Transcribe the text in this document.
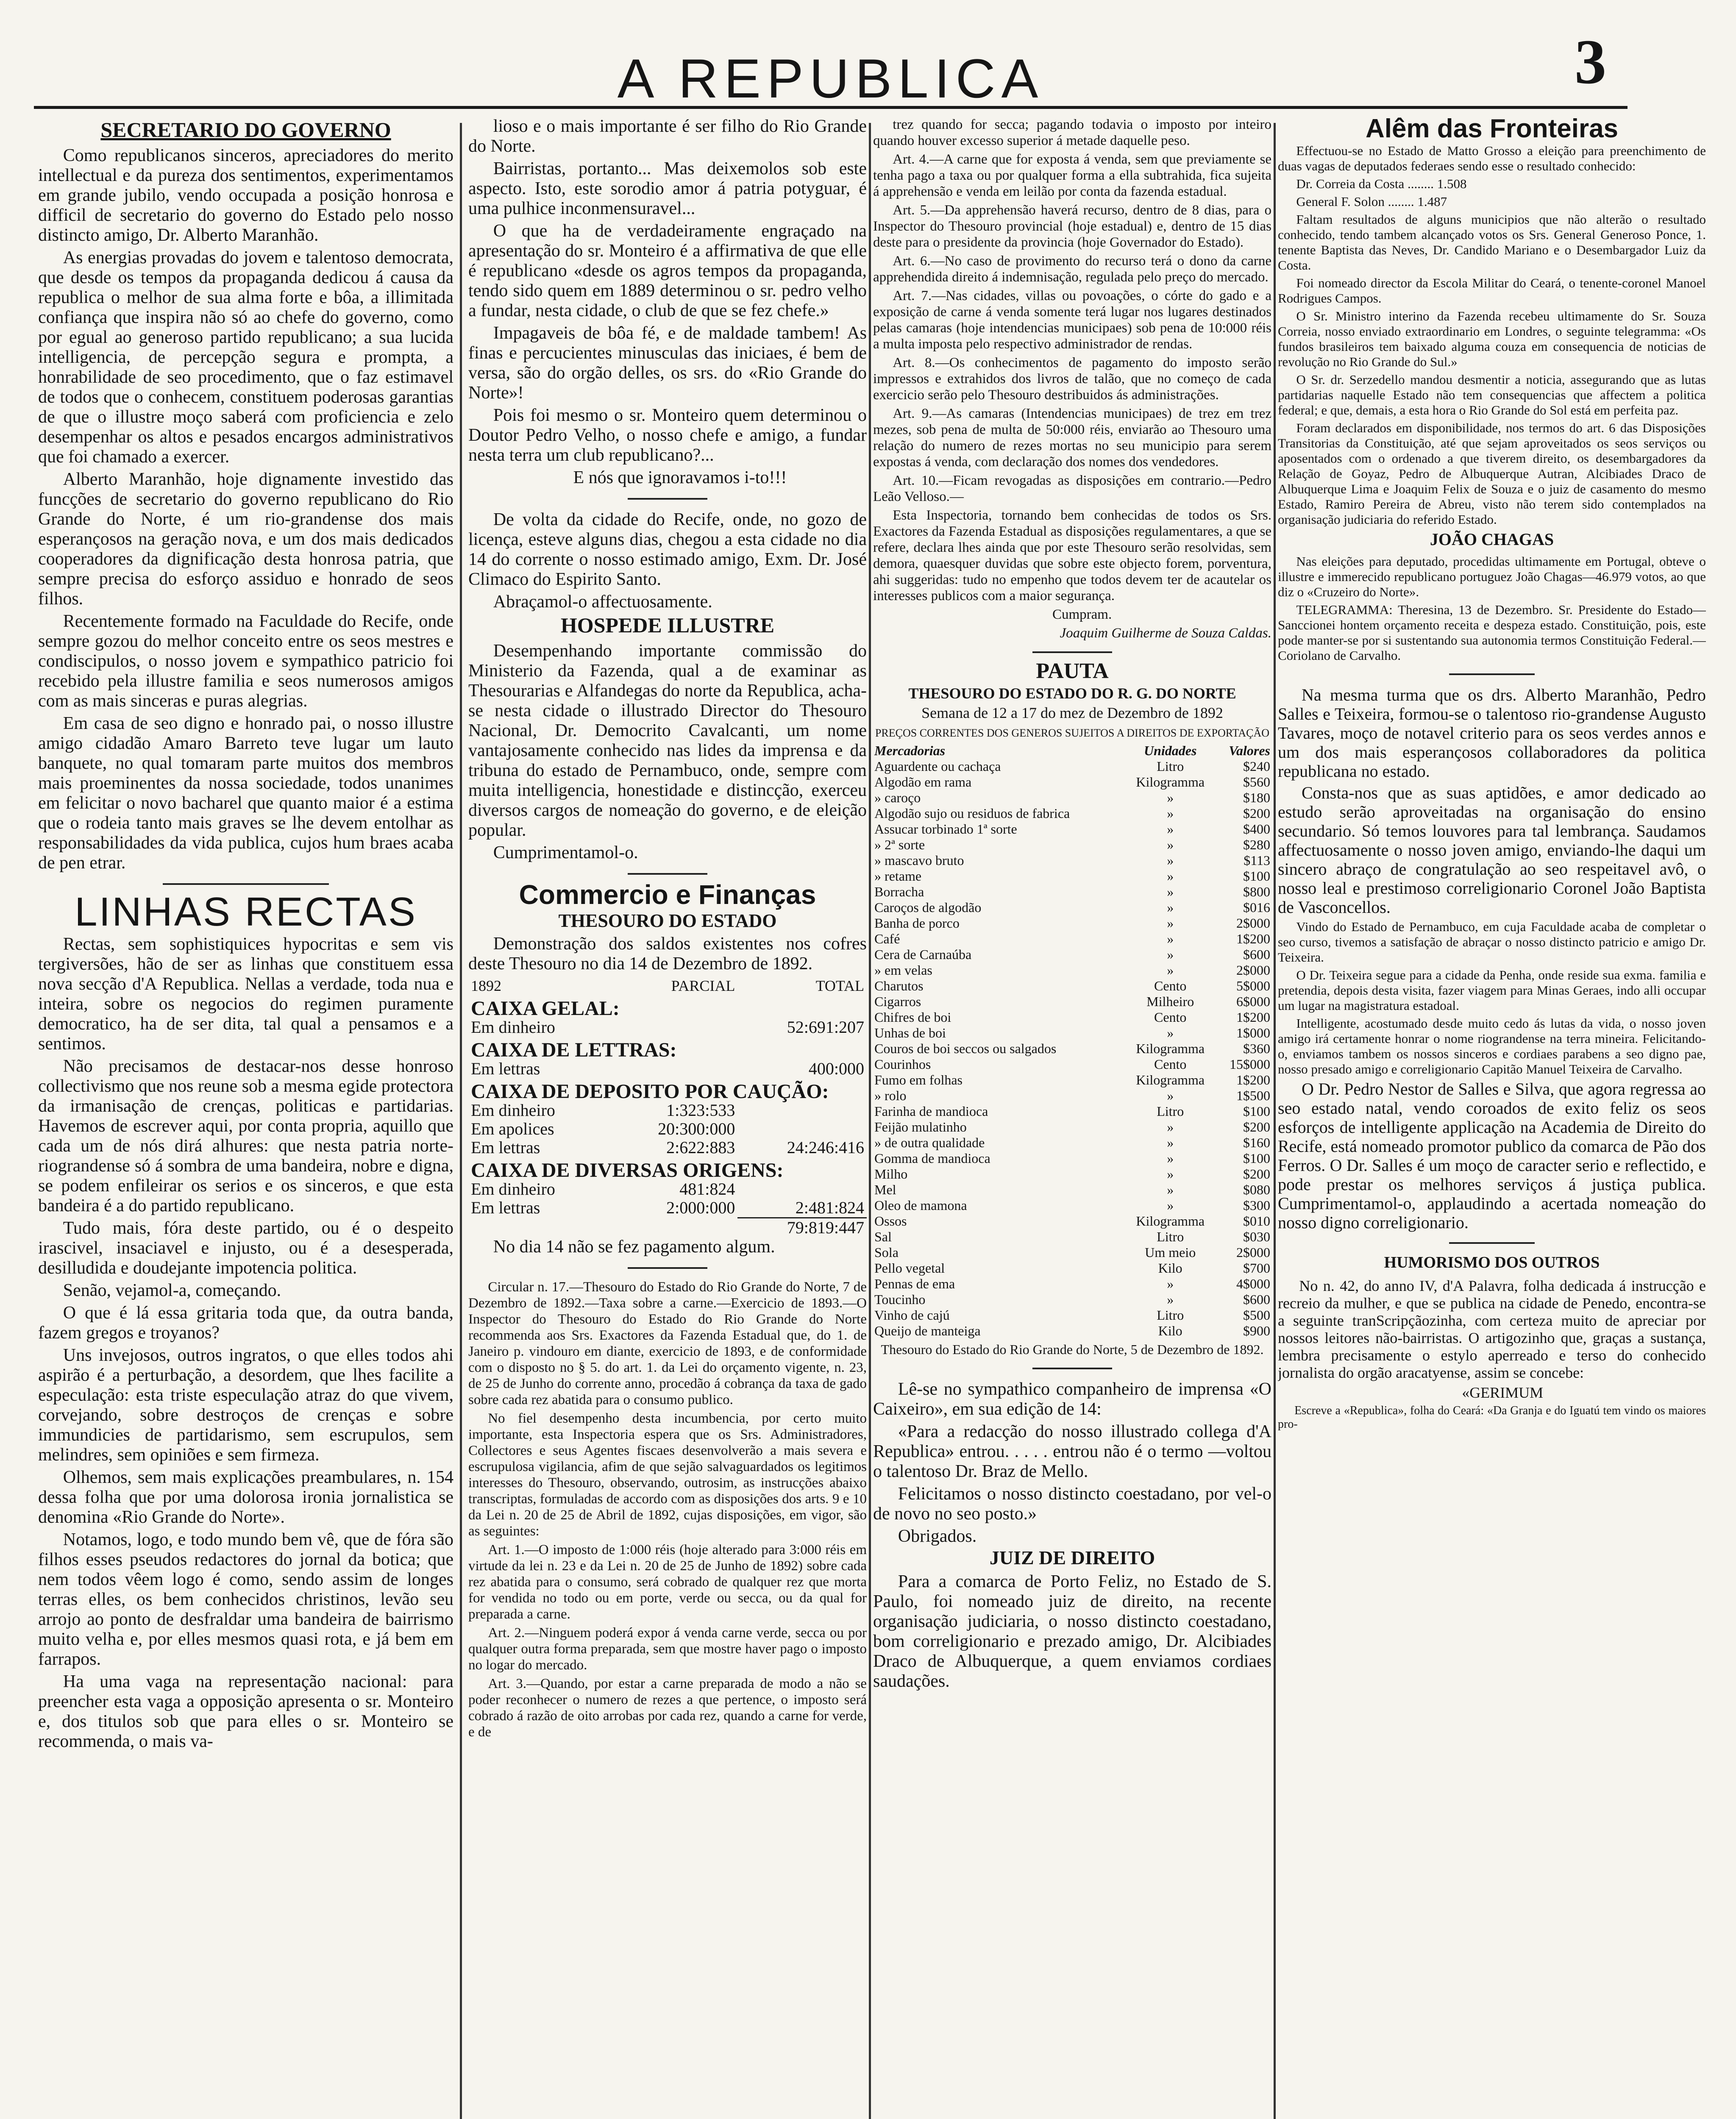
A REPUBLICA	3
SECRETARIO DO GOVERNO

Como republicanos sinceros, apreciadores do merito intellectual e da pureza dos sentimentos, experimentamos em grande jubilo, vendo occupada a posição honrosa e difficil de secretario do governo do Estado pelo nosso distincto amigo, Dr. Alberto Maranhão.

As energias provadas do jovem e talentoso democrata, que desde os tempos da propaganda dedicou á causa da republica o melhor de sua alma forte e bôa, a illimitada confiança que inspira não só ao chefe do governo, como por egual ao generoso partido republicano; a sua lucida intelligencia, de percepção segura e prompta, a honrabilidade de seo procedimento, que o faz estimavel de todos que o conhecem, constituem poderosas garantias de que o illustre moço saberá com proficiencia e zelo desempenhar os altos e pesados encargos administrativos que foi chamado a exercer.

Alberto Maranhão, hoje dignamente investido das funcções de secretario do governo republicano do Rio Grande do Norte, é um rio-grandense dos mais esperançosos na geração nova, e um dos mais dedicados cooperadores da dignificação desta honrosa patria, que sempre precisa do esforço assiduo e honrado de seos filhos.

Recentemente formado na Faculdade do Recife, onde sempre gozou do melhor conceito entre os seos mestres e condiscipulos, o nosso jovem e sympathico patricio foi recebido pela illustre familia e seos numerosos amigos com as mais sinceras e puras alegrias.

Em casa de seo digno e honrado pai, o nosso illustre amigo cidadão Amaro Barreto teve lugar um lauto banquete, no qual tomaram parte muitos dos membros mais proeminentes da nossa sociedade, todos unanimes em felicitar o novo bacharel que quanto maior é a estima que o rodeia tanto mais graves se lhe devem entolhar as responsabilidades da vida publica, cujos hum braes acaba de pen etrar.

LINHAS RECTAS

Rectas, sem sophistiquices hypocritas e sem vis tergiversões, hão de ser as linhas que constituem essa nova secção d'A Republica. Nellas a verdade, toda nua e inteira, sobre os negocios do regimen puramente democratico, ha de ser dita, tal qual a pensamos e a sentimos.

Não precisamos de destacar-nos desse honroso collectivismo que nos reune sob a mesma egide protectora da irmanisação de crenças, politicas e partidarias. Havemos de escrever aqui, por conta propria, aquillo que cada um de nós dirá alhures: que nesta patria norte-riograndense só á sombra de uma bandeira, nobre e digna, se podem enfileirar os serios e os sinceros, e que esta bandeira é a do partido republicano.

Tudo mais, fóra deste partido, ou é o despeito irascivel, insaciavel e injusto, ou é a desesperada, desilludida e doudejante impotencia politica.

Senão, vejamol-a, começando.

O que é lá essa gritaria toda que, da outra banda, fazem gregos e troyanos?

Uns invejosos, outros ingratos, o que elles todos ahi aspirão é a perturbação, a desordem, que lhes facilite a especulação: esta triste especulação atraz do que vivem, corvejando, sobre destroços de crenças e sobre immundicies de partidarismo, sem escrupulos, sem melindres, sem opiniões e sem firmeza.

Olhemos, sem mais explicações preambulares, n. 154 dessa folha que por uma dolorosa ironia jornalistica se denomina «Rio Grande do Norte».

Notamos, logo, e todo mundo bem vê, que de fóra são filhos esses pseudos redactores do jornal da botica; que nem todos vêem logo é como, sendo assim de longes terras elles, os bem conhecidos christinos, levão seu arrojo ao ponto de desfraldar uma bandeira de bairrismo muito velha e, por elles mesmos quasi rota, e já bem em farrapos.

Ha uma vaga na representação nacional: para preencher esta vaga a opposição apresenta o sr. Monteiro e, dos titulos sob que para elles o sr. Monteiro se recommenda, o mais va-

lioso e o mais importante é ser filho do Rio Grande do Norte.

Bairristas, portanto... Mas deixemolos sob este aspecto. Isto, este sorodio amor á patria potyguar, é uma pulhice inconmensuravel...

O que ha de verdadeiramente engraçado na apresentação do sr. Monteiro é a affirmativa de que elle é republicano «desde os agros tempos da propaganda, tendo sido quem em 1889 determinou o sr. pedro velho a fundar, nesta cidade, o club de que se fez chefe.»

Impagaveis de bôa fé, e de maldade tambem! As finas e percucientes minusculas das iniciaes, é bem de versa, são do orgão delles, os srs. do «Rio Grande do Norte»!

Pois foi mesmo o sr. Monteiro quem determinou o Doutor Pedro Velho, o nosso chefe e amigo, a fundar nesta terra um club republicano?...

E nós que ignoravamos i-to!!!

De volta da cidade do Recife, onde, no gozo de licença, esteve alguns dias, chegou a esta cidade no dia 14 do corrente o nosso estimado amigo, Exm. Dr. José Climaco do Espirito Santo.

Abraçamol-o affectuosamente.

HOSPEDE ILLUSTRE

Desempenhando importante commissão do Ministerio da Fazenda, qual a de examinar as Thesourarias e Alfandegas do norte da Republica, acha-se nesta cidade o illustrado Director do Thesouro Nacional, Dr. Democrito Cavalcanti, um nome vantajosamente conhecido nas lides da imprensa e da tribuna do estado de Pernambuco, onde, sempre com muita intelligencia, honestidade e distincção, exerceu diversos cargos de nomeação do governo, e de eleição popular.

Cumprimentamol-o.

Commercio e Finanças
THESOURO DO ESTADO

Demonstração dos saldos existentes nos cofres deste Thesouro no dia 14 de Dezembro de 1892.

1892	PARCIAL	TOTAL
CAIXA GELAL:		
Em dinheiro		52:691:207
CAIXA DE LETTRAS:		
Em lettras		400:000
CAIXA DE DEPOSITO POR CAUÇÃO:		
Em dinheiro	1:323:533	
Em apolices	20:300:000	
Em lettras	2:622:883	24:246:416
CAIXA DE DIVERSAS ORIGENS:		
Em dinheiro	481:824	
Em lettras	2:000:000	2:481:824
		79:819:447

No dia 14 não se fez pagamento algum.

Circular n. 17.—Thesouro do Estado do Rio Grande do Norte, 7 de Dezembro de 1892.—Taxa sobre a carne.—Exercicio de 1893.—O Inspector do Thesouro do Estado do Rio Grande do Norte recommenda aos Srs. Exactores da Fazenda Estadual que, do 1. de Janeiro p. vindouro em diante, exercicio de 1893, e de conformidade com o disposto no § 5. do art. 1. da Lei do orçamento vigente, n. 23, de 25 de Junho do corrente anno, procedão á cobrança da taxa de gado sobre cada rez abatida para o consumo publico.

No fiel desempenho desta incumbencia, por certo muito importante, esta Inspectoria espera que os Srs. Administradores, Collectores e seus Agentes fiscaes desenvolverão a mais severa e escrupulosa vigilancia, afim de que sejão salvaguardados os legitimos interesses do Thesouro, observando, outrosim, as instrucções abaixo transcriptas, formuladas de accordo com as disposições dos arts. 9 e 10 da Lei n. 20 de 25 de Abril de 1892, cujas disposições, em vigor, são as seguintes:

Art. 1.—O imposto de 1:000 réis (hoje alterado para 3:000 réis em virtude da lei n. 23 e da Lei n. 20 de 25 de Junho de 1892) sobre cada rez abatida para o consumo, será cobrado de qualquer rez que morta for vendida no todo ou em porte, verde ou secca, ou da qual for preparada a carne.

Art. 2.—Ninguem poderá expor á venda carne verde, secca ou por qualquer outra forma preparada, sem que mostre haver pago o imposto no logar do mercado.

Art. 3.—Quando, por estar a carne preparada de modo a não se poder reconhecer o numero de rezes a que pertence, o imposto será cobrado á razão de oito arrobas por cada rez, quando a carne for verde, e de

trez quando for secca; pagando todavia o imposto por inteiro quando houver excesso superior á metade daquelle peso.

Art. 4.—A carne que for exposta á venda, sem que previamente se tenha pago a taxa ou por qualquer forma a ella subtrahida, fica sujeita á apprehensão e venda em leilão por conta da fazenda estadual.

Art. 5.—Da apprehensão haverá recurso, dentro de 8 dias, para o Inspector do Thesouro provincial (hoje estadual) e, dentro de 15 dias deste para o presidente da provincia (hoje Governador do Estado).

Art. 6.—No caso de provimento do recurso terá o dono da carne apprehendida direito á indemnisação, regulada pelo preço do mercado.

Art. 7.—Nas cidades, villas ou povoações, o córte do gado e a exposição de carne á venda somente terá lugar nos lugares destinados pelas camaras (hoje intendencias municipaes) sob pena de 10:000 réis a multa imposta pelo respectivo administrador de rendas.

Art. 8.—Os conhecimentos de pagamento do imposto serão impressos e extrahidos dos livros de talão, que no começo de cada exercicio serão pelo Thesouro destribuidos ás administrações.

Art. 9.—As camaras (Intendencias municipaes) de trez em trez mezes, sob pena de multa de 50:000 réis, enviarão ao Thesouro uma relação do numero de rezes mortas no seu municipio para serem expostas á venda, com declaração dos nomes dos vendedores.

Art. 10.—Ficam revogadas as disposições em contrario.—Pedro Leão Velloso.—

Esta Inspectoria, tornando bem conhecidas de todos os Srs. Exactores da Fazenda Estadual as disposições regulamentares, a que se refere, declara lhes ainda que por este Thesouro serão resolvidas, sem demora, quaesquer duvidas que sobre este objecto forem, porventura, ahi suggeridas: tudo no empenho que todos devem ter de acautelar os interesses publicos com a maior segurança.

Cumpram.

Joaquim Guilherme de Souza Caldas.
PAUTA
THESOURO DO ESTADO DO R. G. DO NORTE
Semana de 12 a 17 do mez de Dezembro de 1892
PREÇOS CORRENTES DOS GENEROS SUJEITOS A DIREITOS DE EXPORTAÇÃO
Mercadorias	Unidades	Valores
Aguardente ou cachaça	Litro	$240
Algodão em rama	Kilogramma	$560
» caroço	»	$180
Algodão sujo ou residuos de fabrica	»	$200
Assucar torbinado 1ª sorte	»	$400
» 2ª sorte	»	$280
» mascavo bruto	»	$113
» retame	»	$100
Borracha	»	$800
Caroços de algodão	»	$016
Banha de porco	»	2$000
Café	»	1$200
Cera de Carnaúba	»	$600
» em velas	»	2$000
Charutos	Cento	5$000
Cigarros	Milheiro	6$000
Chifres de boi	Cento	1$200
Unhas de boi	»	1$000
Couros de boi seccos ou salgados	Kilogramma	$360
Courinhos	Cento	15$000
Fumo em folhas	Kilogramma	1$200
» rolo	»	1$500
Farinha de mandioca	Litro	$100
Feijão mulatinho	»	$200
» de outra qualidade	»	$160
Gomma de mandioca	»	$100
Milho	»	$200
Mel	»	$080
Oleo de mamona	»	$300
Ossos	Kilogramma	$010
Sal	Litro	$030
Sola	Um meio	2$000
Pello vegetal	Kilo	$700
Pennas de ema	»	4$000
Toucinho	»	$600
Vinho de cajú	Litro	$500
Queijo de manteiga	Kilo	$900
Thesouro do Estado do Rio Grande do Norte, 5 de Dezembro de 1892.

Lê-se no sympathico companheiro de imprensa «O Caixeiro», em sua edição de 14:

«Para a redacção do nosso illustrado collega d'A Republica» entrou. . . . . entrou não é o termo —voltou o talentoso Dr. Braz de Mello.

Felicitamos o nosso distincto coestadano, por vel-o de novo no seo posto.»

Obrigados.

JUIZ DE DIREITO

Para a comarca de Porto Feliz, no Estado de S. Paulo, foi nomeado juiz de direito, na recente organisação judiciaria, o nosso distincto coestadano, bom correligionario e prezado amigo, Dr. Alcibiades Draco de Albuquerque, a quem enviamos cordiaes saudações.

Alêm das Fronteiras

Effectuou-se no Estado de Matto Grosso a eleição para preenchimento de duas vagas de deputados federaes sendo esse o resultado conhecido:

Dr. Correia da Costa ........ 1.508

General F. Solon ........ 1.487

Faltam resultados de alguns municipios que não alterão o resultado conhecido, tendo tambem alcançado votos os Srs. General Generoso Ponce, 1. tenente Baptista das Neves, Dr. Candido Mariano e o Desembargador Luiz da Costa.

Foi nomeado director da Escola Militar do Ceará, o tenente-coronel Manoel Rodrigues Campos.

O Sr. Ministro interino da Fazenda recebeu ultimamente do Sr. Souza Correia, nosso enviado extraordinario em Londres, o seguinte telegramma: «Os fundos brasileiros tem baixado alguma couza em consequencia de noticias de revolução no Rio Grande do Sul.»

O Sr. dr. Serzedello mandou desmentir a noticia, assegurando que as lutas partidarias naquelle Estado não tem consequencias que affectem a politica federal; e que, demais, a esta hora o Rio Grande do Sol está em perfeita paz.

Foram declarados em disponibilidade, nos termos do art. 6 das Disposições Transitorias da Constituição, até que sejam aproveitados os seos serviços ou aposentados com o ordenado a que tiverem direito, os desembargadores da Relação de Goyaz, Pedro de Albuquerque Autran, Alcibiades Draco de Albuquerque Lima e Joaquim Felix de Souza e o juiz de casamento do mesmo Estado, Ramiro Pereira de Abreu, visto não terem sido contemplados na organisação judiciaria do referido Estado.

JOÃO CHAGAS

Nas eleições para deputado, procedidas ultimamente em Portugal, obteve o illustre e immerecido republicano portuguez João Chagas—46.979 votos, ao que diz o «Cruzeiro do Norte».

TELEGRAMMA: Theresina, 13 de Dezembro. Sr. Presidente do Estado—Sanccionei hontem orçamento receita e despeza estado. Constituição, pois, este pode manter-se por si sustentando sua autonomia termos Constituição Federal.—Coriolano de Carvalho.

Na mesma turma que os drs. Alberto Maranhão, Pedro Salles e Teixeira, formou-se o talentoso rio-grandense Augusto Tavares, moço de notavel criterio para os seos verdes annos e um dos mais esperançosos collaboradores da politica republicana no estado.

Consta-nos que as suas aptidões, e amor dedicado ao estudo serão aproveitadas na organisação do ensino secundario. Só temos louvores para tal lembrança. Saudamos affectuosamente o nosso joven amigo, enviando-lhe daqui um sincero abraço de congratulação ao seo respeitavel avô, o nosso leal e prestimoso correligionario Coronel João Baptista de Vasconcellos.

Vindo do Estado de Pernambuco, em cuja Faculdade acaba de completar o seo curso, tivemos a satisfação de abraçar o nosso distincto patricio e amigo Dr. Teixeira.

O Dr. Teixeira segue para a cidade da Penha, onde reside sua exma. familia e pretendia, depois desta visita, fazer viagem para Minas Geraes, indo alli occupar um lugar na magistratura estadoal.

Intelligente, acostumado desde muito cedo ás lutas da vida, o nosso joven amigo irá certamente honrar o nome riograndense na terra mineira. Felicitando-o, enviamos tambem os nossos sinceros e cordiaes parabens a seo digno pae, nosso presado amigo e correligionario Capitão Manuel Teixeira de Carvalho.

O Dr. Pedro Nestor de Salles e Silva, que agora regressa ao seo estado natal, vendo coroados de exito feliz os seos esforços de intelligente applicação na Academia de Direito do Recife, está nomeado promotor publico da comarca de Pão dos Ferros. O Dr. Salles é um moço de caracter serio e reflectido, e pode prestar os melhores serviços á justiça publica. Cumprimentamol-o, applaudindo a acertada nomeação do nosso digno correligionario.

HUMORISMO DOS OUTROS

No n. 42, do anno IV, d'A Palavra, folha dedicada á instrucção e recreio da mulher, e que se publica na cidade de Penedo, encontra-se a seguinte tranScripçãozinha, com certeza muito de apreciar por nossos leitores não-bairristas. O artigozinho que, graças a sustança, lembra precisamente o estylo aperreado e terso do conhecido jornalista do orgão aracatyense, assim se concebe:

«GERIMUM

Escreve a «Republica», folha do Ceará: «Da Granja e do Iguatú tem vindo os maiores pro-
